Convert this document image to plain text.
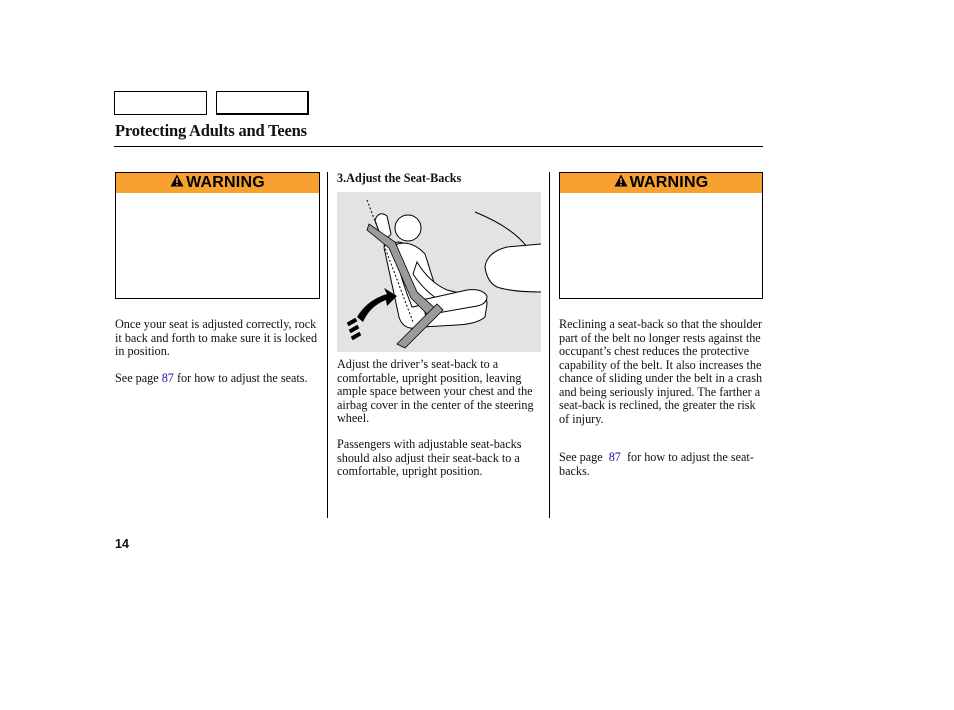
Protecting Adults and Teens
WARNING
Once your seat is adjusted correctly, rock it back and forth to make sure it is locked in position.
See page 87 for how to adjust the seats.
3.Adjust the Seat-Backs
Adjust the driver’s seat-back to a comfortable, upright position, leaving ample space between your chest and the airbag cover in the center of the steering wheel.
Passengers with adjustable seat-backs should also adjust their seat-back to a comfortable, upright position.
WARNING
Reclining a seat-back so that the shoulder part of the belt no longer rests against the occupant’s chest reduces the protective capability of the belt. It also increases the chance of sliding under the belt in a crash and being seriously injured. The farther a seat-back is reclined, the greater the risk of injury.
See page 87 for how to adjust the seat-backs.
14
